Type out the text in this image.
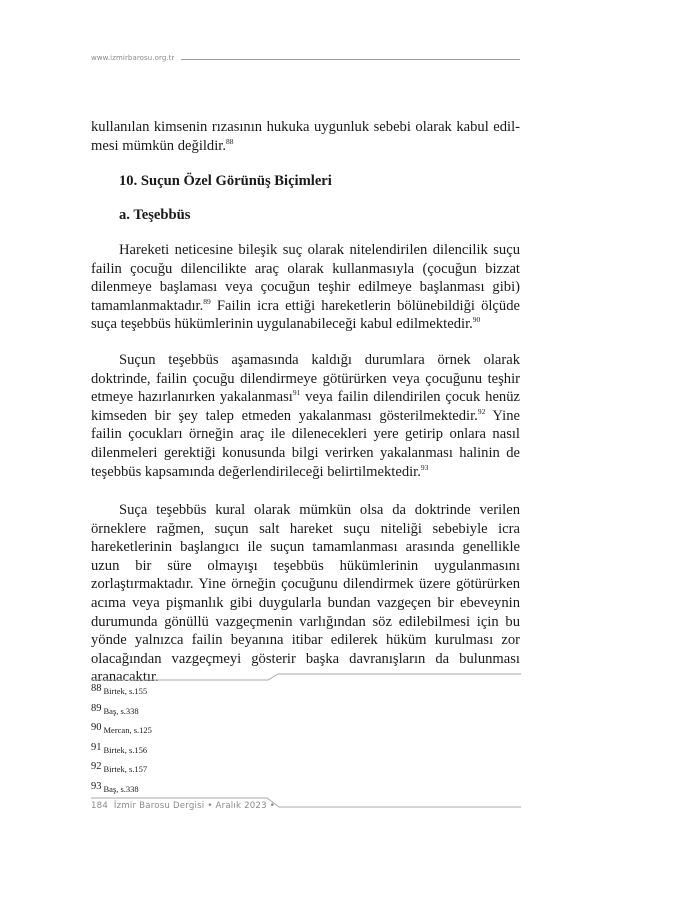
www.izmirbarosu.org.tr

kullanılan kimsenin rızasının hukuka uygunluk sebebi olarak kabul edil-

mesi mümkün değildir.$^{88}$

10. Suçun Özel Görünüş Biçimleri
a. Teşebbüs

Hareketi neticesine bileşik suç olarak nitelendirilen dilencilik suçu failin çocuğu dilencilikte araç olarak kullanmasıyla (çocuğun bizzat dilenmeye başlaması veya çocuğun teşhir edilmeye başlanması gibi) tamamlanmaktadır.$^{89}$ Failin icra ettiği hareketlerin bölünebildiği ölçüde suça teşebbüs hükümlerinin uygulanabileceği kabul edilmektedir.$^{90}$

Suçun teşebbüs aşamasında kaldığı durumlara örnek olarak doktrinde, failin çocuğu dilendirmeye götürürken veya çocuğunu teşhir etmeye hazırlanırken yakalanması$^{91}$ veya failin dilendirilen çocuk henüz kimseden bir şey talep etmeden yakalanması gösterilmektedir.$^{92}$ Yine failin çocukları örneğin araç ile dilenecekleri yere getirip onlara nasıl dilenmeleri gerektiği konusunda bilgi verirken yakalanması halinin de teşebbüs kapsamında değerlendirileceği belirtilmektedir.$^{93}$

Suça teşebbüs kural olarak mümkün olsa da doktrinde verilen örneklere rağmen, suçun salt hareket suçu niteliği sebebiyle icra hareketlerinin başlangıcı ile suçun tamamlanması arasında genellikle uzun bir süre olmayışı teşebbüs hükümlerinin uygulanmasını zorlaştırmaktadır. Yine örneğin çocuğunu dilendirmek üzere götürürken acıma veya pişmanlık gibi duygularla bundan vazgeçen bir ebeveynin durumunda gönüllü vazgeçmenin varlığından söz edilebilmesi için bu yönde yalnızca failin beyanına itibar edilerek hüküm kurulması zor olacağından vazgeçmeyi gösterir başka davranışların da bulunması aranacaktır.

88 Birtek, s.155
89 Baş, s.338
90 Mercan, s.125
91 Birtek, s.156
92 Birtek, s.157
93 Baş, s.338
184 İzmir Barosu Dergisi • Aralık 2023 •
